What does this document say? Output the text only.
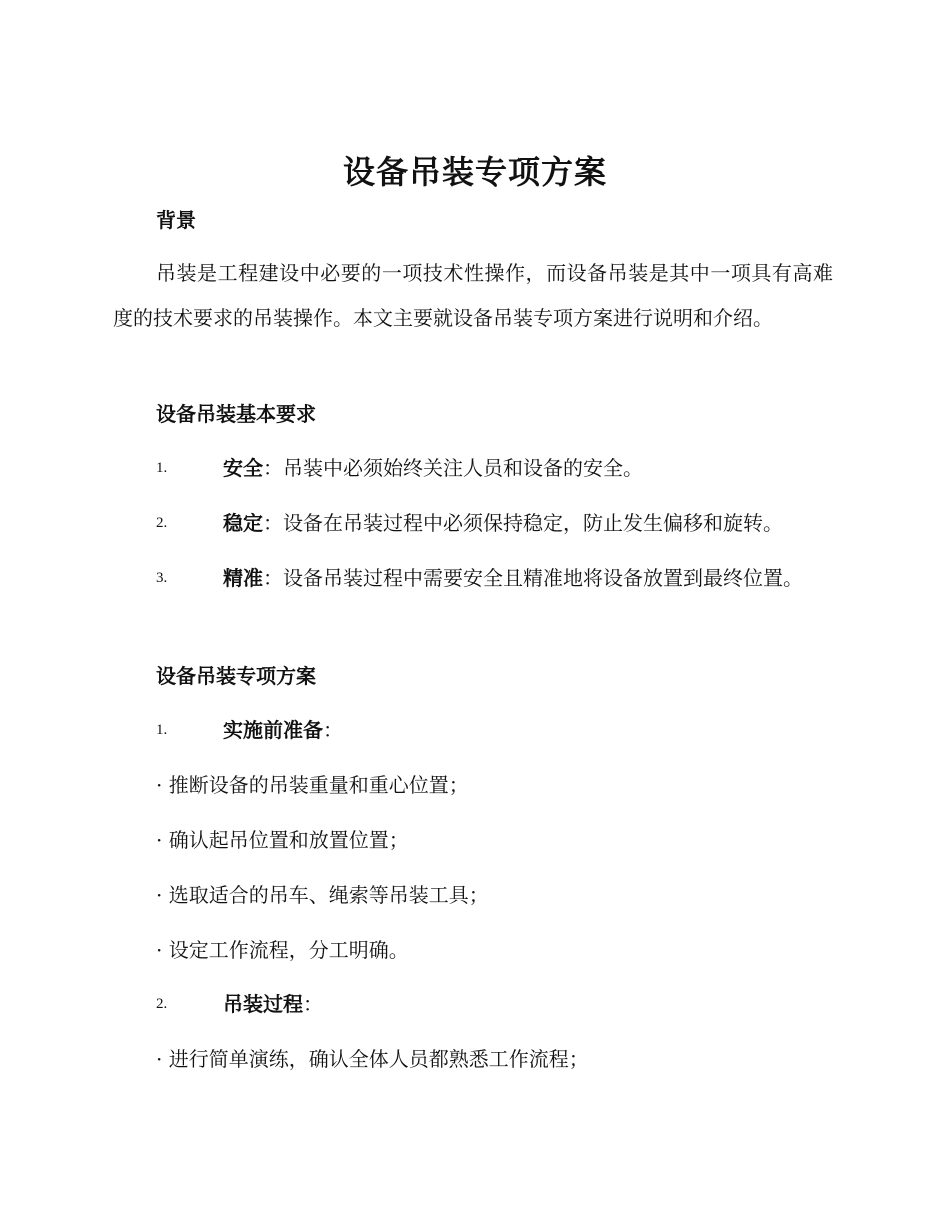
设备吊装专项方案
背景
吊装是工程建设中必要的一项技术性操作，而设备吊装是其中一项具有高难度的技术要求的吊装操作。本文主要就设备吊装专项方案进行说明和介绍。
设备吊装基本要求
1.	安全：吊装中必须始终关注人员和设备的安全。
2.	稳定：设备在吊装过程中必须保持稳定，防止发生偏移和旋转。
3.	精准：设备吊装过程中需要安全且精准地将设备放置到最终位置。
设备吊装专项方案
1.	实施前准备：
· 推断设备的吊装重量和重心位置；
· 确认起吊位置和放置位置；
· 选取适合的吊车、绳索等吊装工具；
· 设定工作流程，分工明确。
2.	吊装过程：
· 进行简单演练，确认全体人员都熟悉工作流程；
